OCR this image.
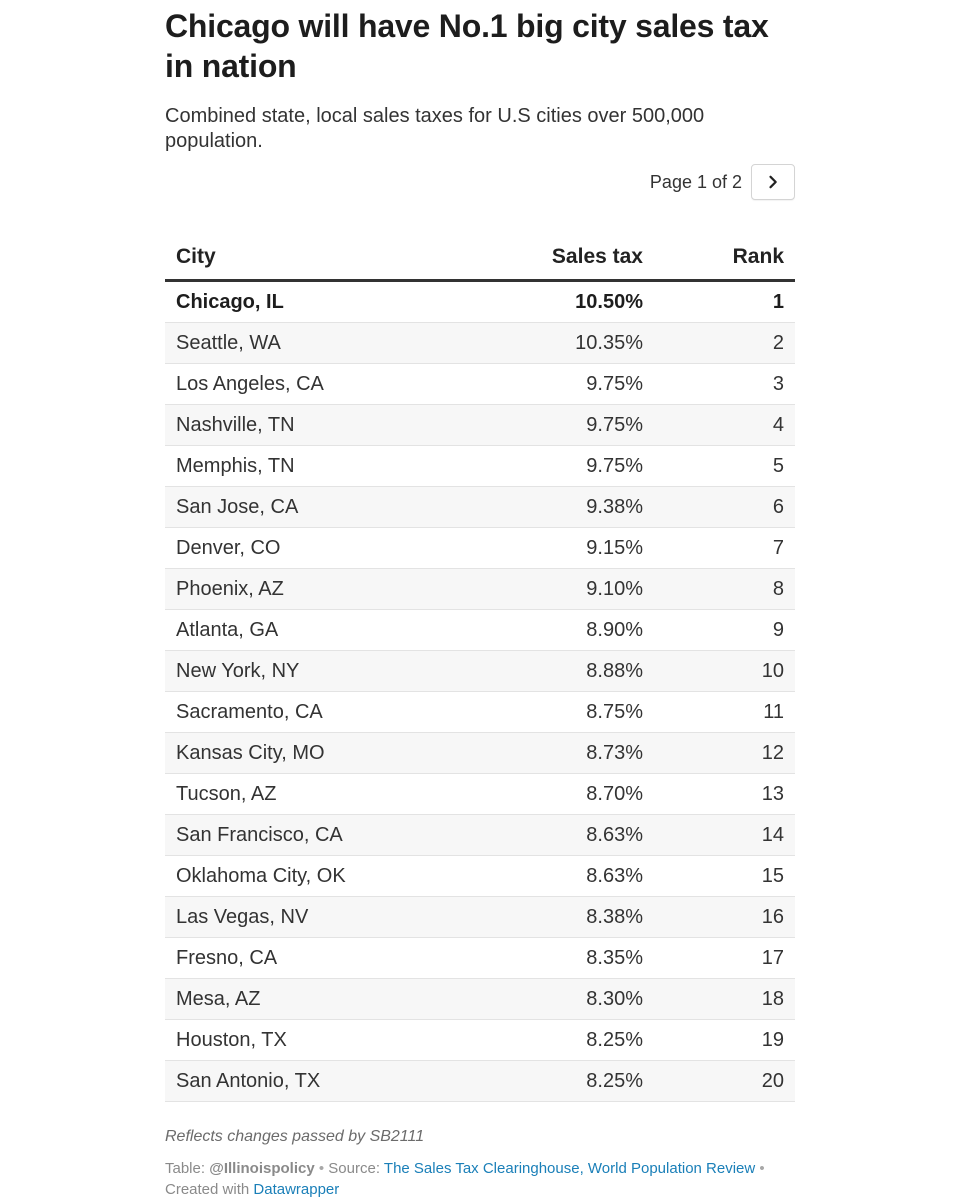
Chicago will have No.1 big city sales tax in nation

Combined state, local sales taxes for U.S cities over 500,000 population.

Page 1 of 2
City	Sales tax	Rank
Chicago, IL	10.50%	1
Seattle, WA	10.35%	2
Los Angeles, CA	9.75%	3
Nashville, TN	9.75%	4
Memphis, TN	9.75%	5
San Jose, CA	9.38%	6
Denver, CO	9.15%	7
Phoenix, AZ	9.10%	8
Atlanta, GA	8.90%	9
New York, NY	8.88%	10
Sacramento, CA	8.75%	11
Kansas City, MO	8.73%	12
Tucson, AZ	8.70%	13
San Francisco, CA	8.63%	14
Oklahoma City, OK	8.63%	15
Las Vegas, NV	8.38%	16
Fresno, CA	8.35%	17
Mesa, AZ	8.30%	18
Houston, TX	8.25%	19
San Antonio, TX	8.25%	20
Reflects changes passed by SB2111
Table: @Illinoispolicy • Source: The Sales Tax Clearinghouse, World Population Review •
Created with Datawrapper
